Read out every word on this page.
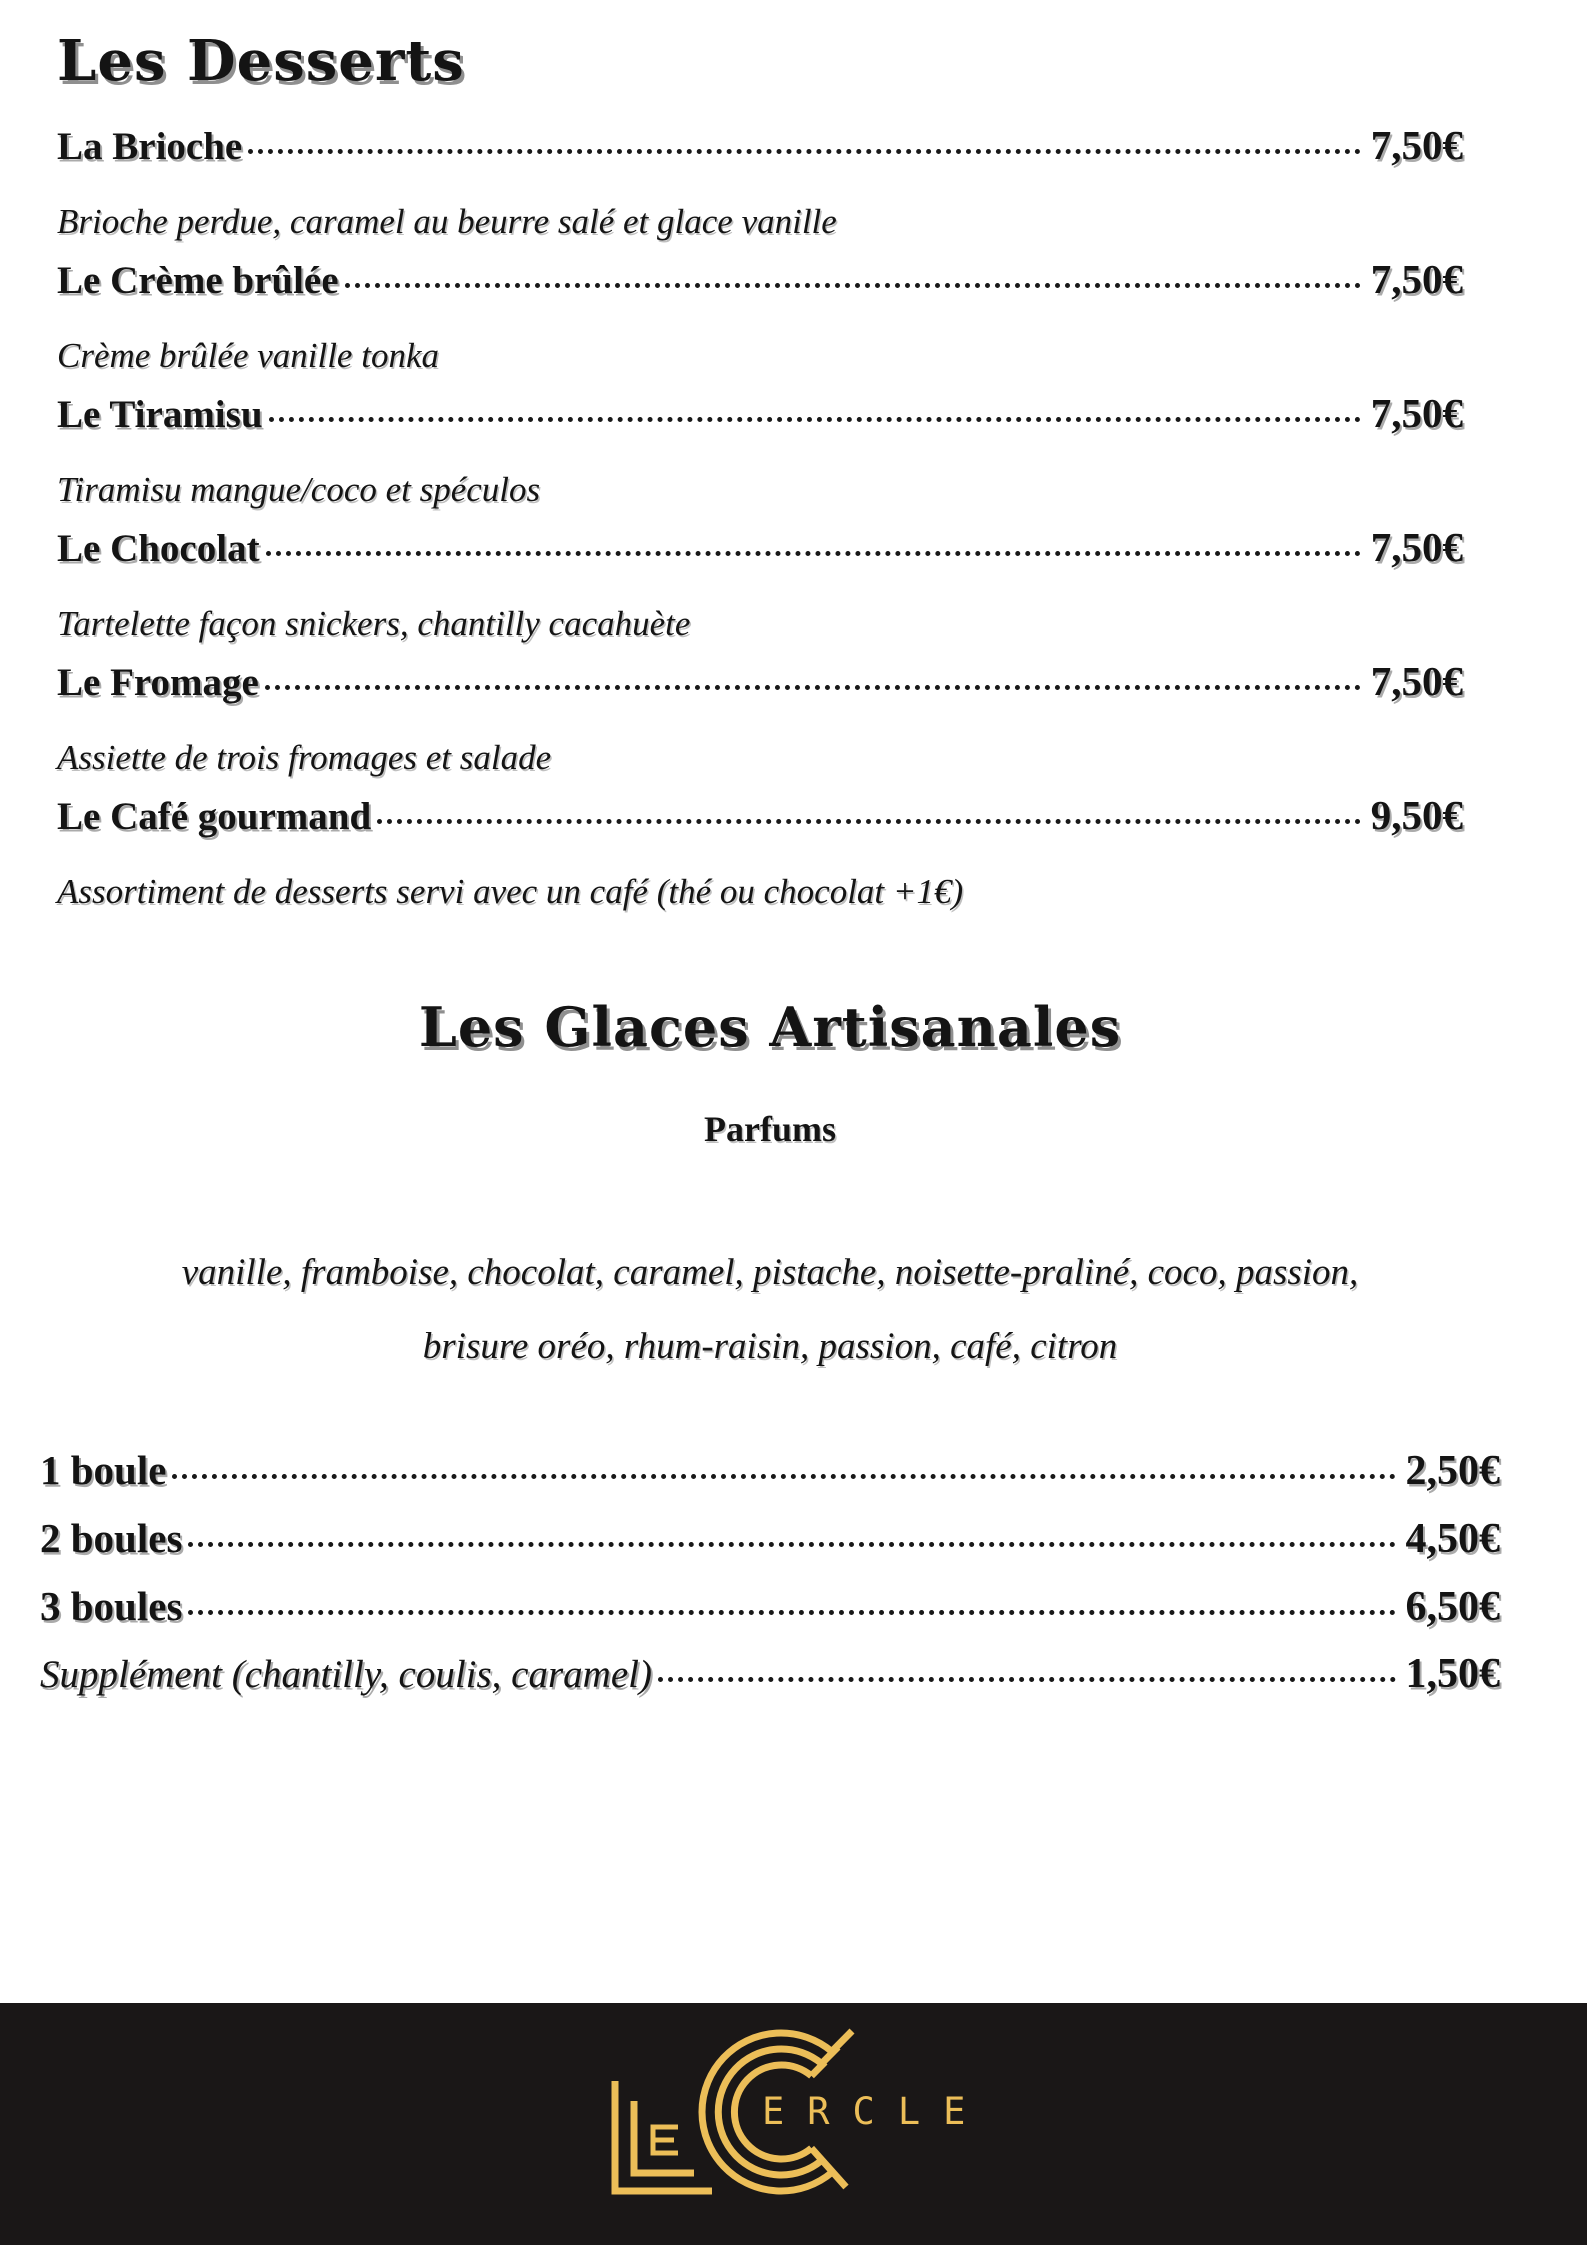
Les Desserts
La Brioche	7,50€
Brioche perdue, caramel au beurre salé et glace vanille
Le Crème brûlée	7,50€
Crème brûlée vanille tonka
Le Tiramisu	7,50€
Tiramisu mangue/coco et spéculos
Le Chocolat	7,50€
Tartelette façon snickers, chantilly cacahuète
Le Fromage	7,50€
Assiette de trois fromages et salade
Le Café gourmand	9,50€
Assortiment de desserts servi avec un café (thé ou chocolat +1€)
Les Glaces Artisanales
Parfums

vanille, framboise, chocolat, caramel, pistache, noisette-praliné, coco, passion,

brisure oréo, rhum-raisin, passion, café, citron

1 boule	2,50€
2 boules	4,50€
3 boules	6,50€
Supplément (chantilly, coulis, caramel)	1,50€
ERCLE
